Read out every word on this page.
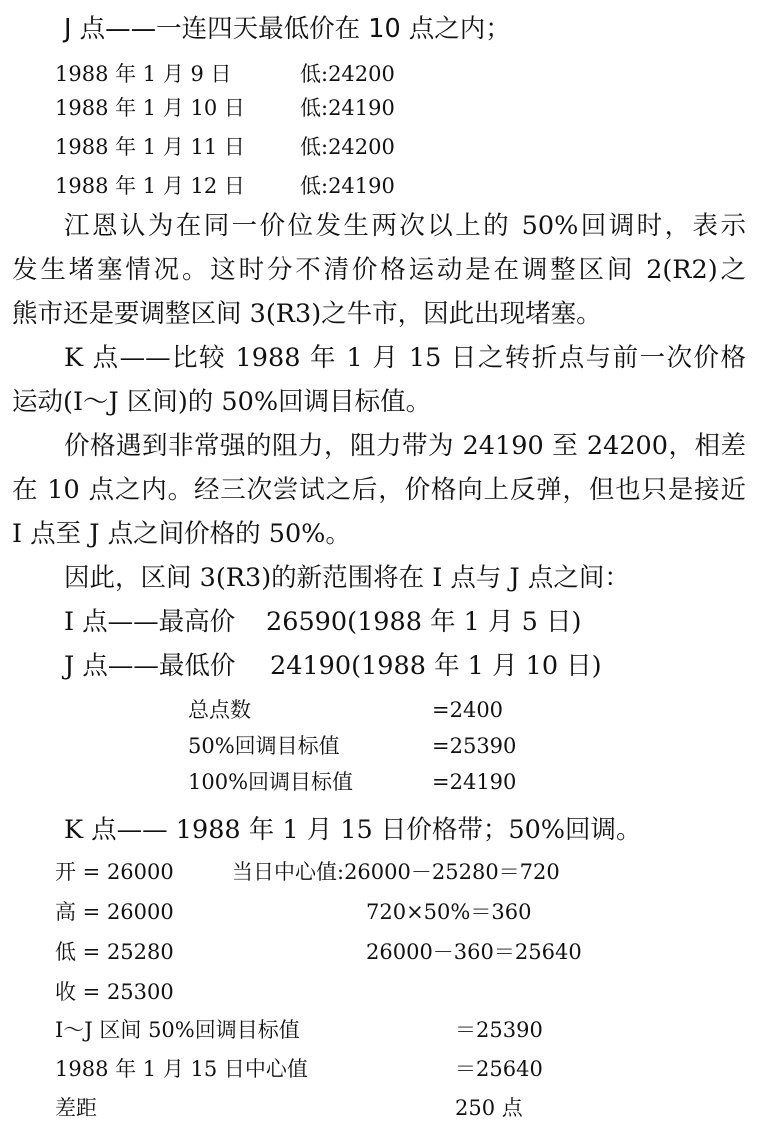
J 点——一连四天最低价在 10 点之内；
1988 年 1 月 9 日	低:24200
1988 年 1 月 10 日	低:24190
1988 年 1 月 11 日	低:24200
1988 年 1 月 12 日	低:24190
江恩认为在同一价位发生两次以上的 50%回调时，表示
发生堵塞情况。这时分不清价格运动是在调整区间 2(R2)之
熊市还是要调整区间 3(R3)之牛市，因此出现堵塞。
K 点——比较 1988 年 1 月 15 日之转折点与前一次价格
运动(I～J 区间)的 50%回调目标值。
价格遇到非常强的阻力，阻力带为 24190 至 24200，相差
在 10 点之内。经三次尝试之后，价格向上反弹，但也只是接近
I 点至 J 点之间价格的 50%。
因此，区间 3(R3)的新范围将在 I 点与 J 点之间：
I 点——最高价 26590(1988 年 1 月 5 日)
J 点——最低价 24190(1988 年 1 月 10 日)
总点数	=2400
50%回调目标值	=25390
100%回调目标值	=24190
K 点—— 1988 年 1 月 15 日价格带；50%回调。
开 = 26000	当日中心值:26000－25280＝720
高 = 26000	720×50%＝360
低 = 25280	26000－360＝25640
收 = 25300
I～J 区间 50%回调目标值	＝25390
1988 年 1 月 15 日中心值	＝25640
差距	250 点
